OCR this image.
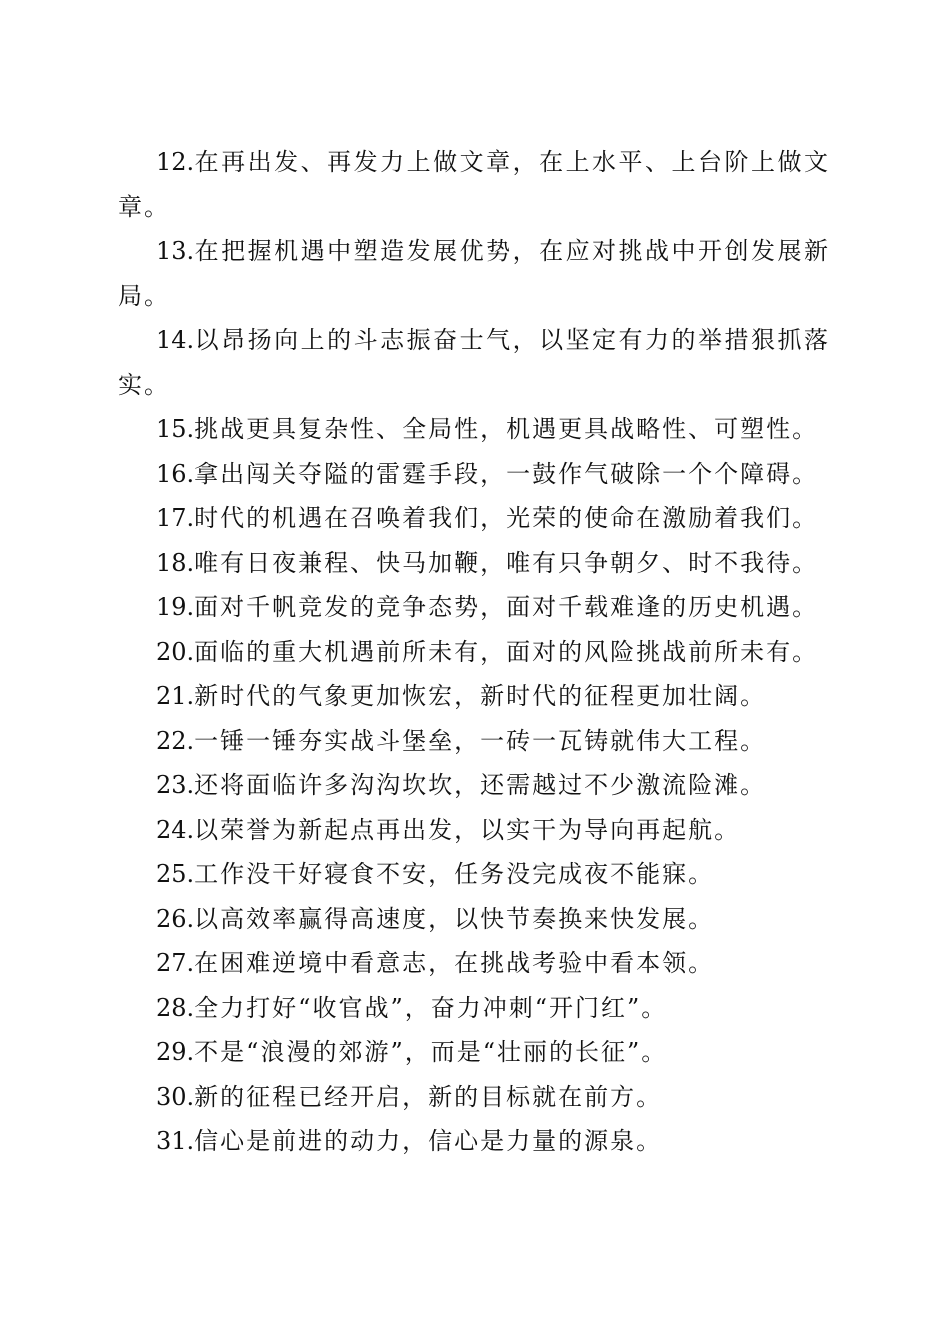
12.在再出发、再发力上做文章，在上水平、上台阶上做文章。

13.在把握机遇中塑造发展优势，在应对挑战中开创发展新局。

14.以昂扬向上的斗志振奋士气，以坚定有力的举措狠抓落实。

15.挑战更具复杂性、全局性，机遇更具战略性、可塑性。

16.拿出闯关夺隘的雷霆手段，一鼓作气破除一个个障碍。

17.时代的机遇在召唤着我们，光荣的使命在激励着我们。

18.唯有日夜兼程、快马加鞭，唯有只争朝夕、时不我待。

19.面对千帆竞发的竞争态势，面对千载难逢的历史机遇。

20.面临的重大机遇前所未有，面对的风险挑战前所未有。

21.新时代的气象更加恢宏，新时代的征程更加壮阔。

22.一锤一锤夯实战斗堡垒，一砖一瓦铸就伟大工程。

23.还将面临许多沟沟坎坎，还需越过不少激流险滩。

24.以荣誉为新起点再出发，以实干为导向再起航。

25.工作没干好寝食不安，任务没完成夜不能寐。

26.以高效率赢得高速度，以快节奏换来快发展。

27.在困难逆境中看意志，在挑战考验中看本领。

28.全力打好“收官战”，奋力冲刺“开门红”。

29.不是“浪漫的郊游”，而是“壮丽的长征”。

30.新的征程已经开启，新的目标就在前方。

31.信心是前进的动力，信心是力量的源泉。
